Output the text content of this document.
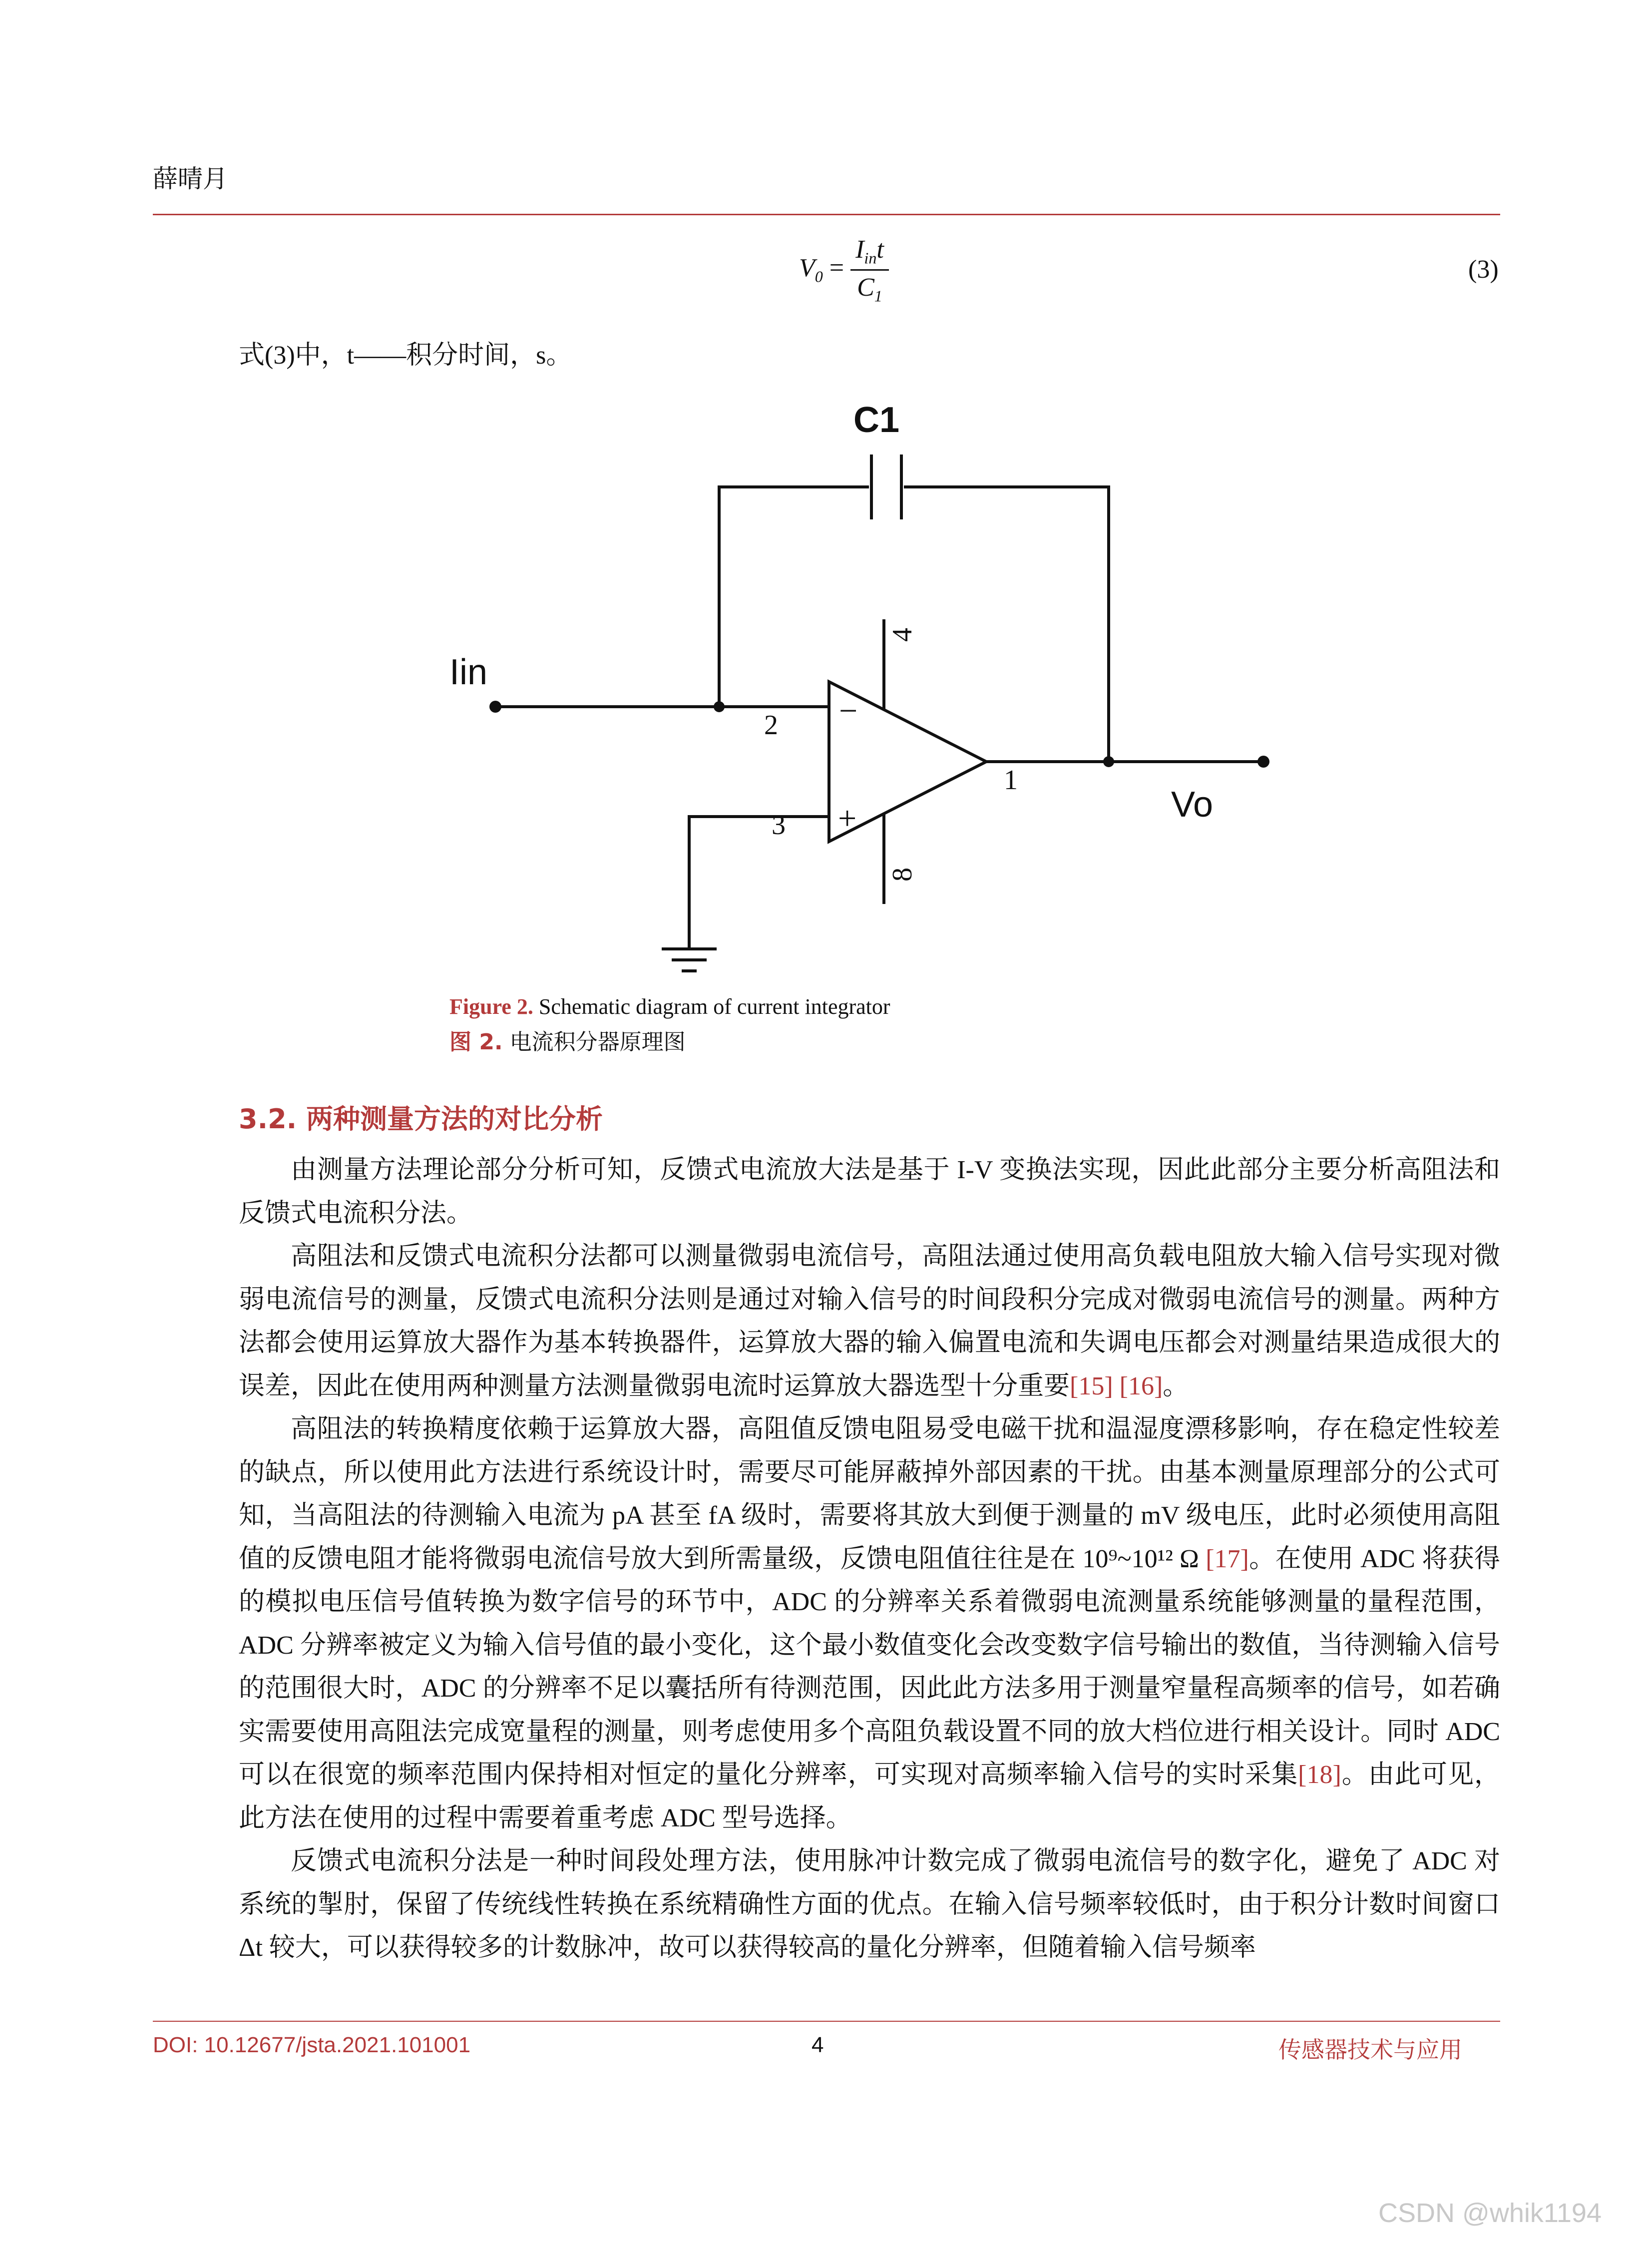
薛晴月
$V_0 = \frac{I_{in}t}{C_1}$	(3)
式(3)中，t——积分时间，s。
C1
Iin
Vo
2
3
1
4
8
−
+
Figure 2. Schematic diagram of current integrator
图 2. 电流积分器原理图
3.2. 两种测量方法的对比分析

由测量方法理论部分分析可知，反馈式电流放大法是基于 I-V 变换法实现，因此此部分主要分析高阻法和反馈式电流积分法。

高阻法和反馈式电流积分法都可以测量微弱电流信号，高阻法通过使用高负载电阻放大输入信号实现对微弱电流信号的测量，反馈式电流积分法则是通过对输入信号的时间段积分完成对微弱电流信号的测量。两种方法都会使用运算放大器作为基本转换器件，运算放大器的输入偏置电流和失调电压都会对测量结果造成很大的误差，因此在使用两种测量方法测量微弱电流时运算放大器选型十分重要[15] [16]。

高阻法的转换精度依赖于运算放大器，高阻值反馈电阻易受电磁干扰和温湿度漂移影响，存在稳定性较差的缺点，所以使用此方法进行系统设计时，需要尽可能屏蔽掉外部因素的干扰。由基本测量原理部分的公式可知，当高阻法的待测输入电流为 pA 甚至 fA 级时，需要将其放大到便于测量的 mV 级电压，此时必须使用高阻值的反馈电阻才能将微弱电流信号放大到所需量级，反馈电阻值往往是在 10⁹~10¹² Ω [17]。在使用 ADC 将获得的模拟电压信号值转换为数字信号的环节中，ADC 的分辨率关系着微弱电流测量系统能够测量的量程范围，ADC 分辨率被定义为输入信号值的最小变化，这个最小数值变化会改变数字信号输出的数值，当待测输入信号的范围很大时，ADC 的分辨率不足以囊括所有待测范围，因此此方法多用于测量窄量程高频率的信号，如若确实需要使用高阻法完成宽量程的测量，则考虑使用多个高阻负载设置不同的放大档位进行相关设计。同时 ADC 可以在很宽的频率范围内保持相对恒定的量化分辨率，可实现对高频率输入信号的实时采集[18]。由此可见，此方法在使用的过程中需要着重考虑 ADC 型号选择。

反馈式电流积分法是一种时间段处理方法，使用脉冲计数完成了微弱电流信号的数字化，避免了 ADC 对系统的掣肘，保留了传统线性转换在系统精确性方面的优点。在输入信号频率较低时，由于积分计数时间窗口 Δt 较大，可以获得较多的计数脉冲，故可以获得较高的量化分辨率，但随着输入信号频率

DOI: 10.12677/jsta.2021.101001	4	传感器技术与应用
CSDN @whik1194
